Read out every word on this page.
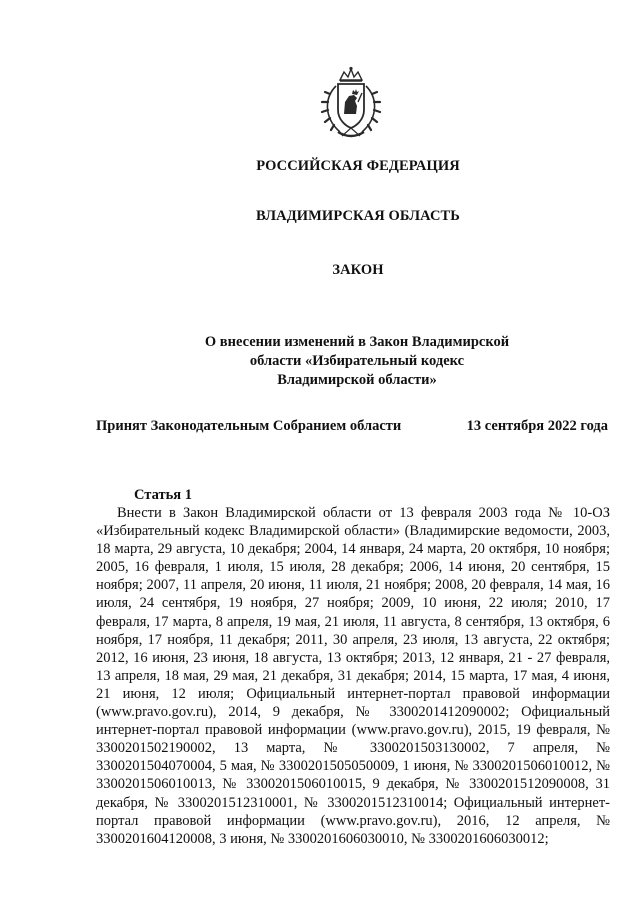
РОССИЙСКАЯ ФЕДЕРАЦИЯ
ВЛАДИМИРСКАЯ ОБЛАСТЬ
ЗАКОН
О внесении изменений в Закон Владимирской
области «Избирательный кодекс
Владимирской области»
Принят Законодательным Собранием области	13 сентября 2022 года
Статья 1
Внести в Закон Владимирской области от 13 февраля 2003 года № 10-ОЗ «Избирательный кодекс Владимирской области» (Владимирские ведомости, 2003, 18 марта, 29 августа, 10 декабря; 2004, 14 января, 24 марта, 20 октября, 10 ноября; 2005, 16 февраля, 1 июля, 15 июля, 28 декабря; 2006, 14 июня, 20 сентября, 15 ноября; 2007, 11 апреля, 20 июня, 11 июля, 21 ноября; 2008, 20 февраля, 14 мая, 16 июля, 24 сентября, 19 ноября, 27 ноября; 2009, 10 июня, 22 июля; 2010, 17 февраля, 17 марта, 8 апреля, 19 мая, 21 июля, 11 августа, 8 сентября, 13 октября, 6 ноября, 17 ноября, 11 декабря; 2011, 30 апреля, 23 июля, 13 августа, 22 октября; 2012, 16 июня, 23 июня, 18 августа, 13 октября; 2013, 12 января, 21 - 27 февраля, 13 апреля, 18 мая, 29 мая, 21 декабря, 31 декабря; 2014, 15 марта, 17 мая, 4 июня, 21 июня, 12 июля; Официальный интернет-портал правовой информации (www.pravo.gov.ru), 2014, 9 декабря, № 3300201412090002; Официальный интернет-портал правовой информации (www.pravo.gov.ru), 2015, 19 февраля, № 3300201502190002, 13 марта, № 3300201503130002, 7 апреля, № 3300201504070004, 5 мая, № 3300201505050009, 1 июня, № 3300201506010012, № 3300201506010013, № 3300201506010015, 9 декабря, № 3300201512090008, 31 декабря, № 3300201512310001, № 3300201512310014; Официальный интернет-портал правовой информации (www.pravo.gov.ru), 2016, 12 апреля, № 3300201604120008, 3 июня, № 3300201606030010, № 3300201606030012;
